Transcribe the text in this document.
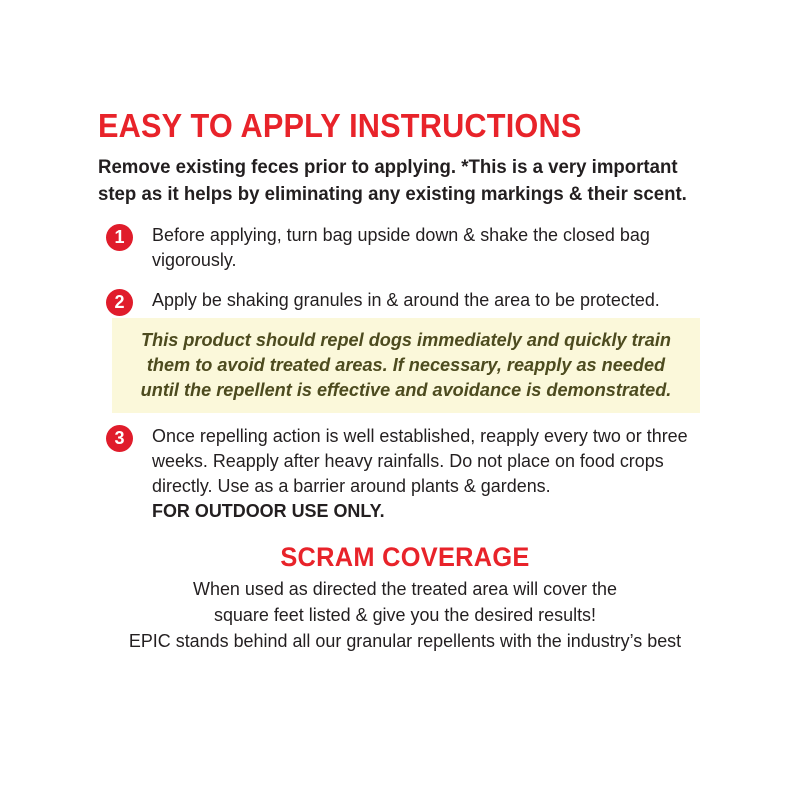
EASY TO APPLY INSTRUCTIONS

Remove existing feces prior to applying. *This is a very important step as it helps by eliminating any existing markings & their scent.

1	Before applying, turn bag upside down & shake the closed bag vigorously.
2	Apply be shaking granules in & around the area to be protected.
This product should repel dogs immediately and quickly train them to avoid treated areas. If necessary, reapply as needed until the repellent is effective and avoidance is demonstrated.
3	Once repelling action is well established, reapply every two or three weeks. Reapply after heavy rainfalls. Do not place on food crops directly. Use as a barrier around plants & gardens.
FOR OUTDOOR USE ONLY.
SCRAM COVERAGE
When used as directed the treated area will cover the
square feet listed & give you the desired results!
EPIC stands behind all our granular repellents with the industry’s best
